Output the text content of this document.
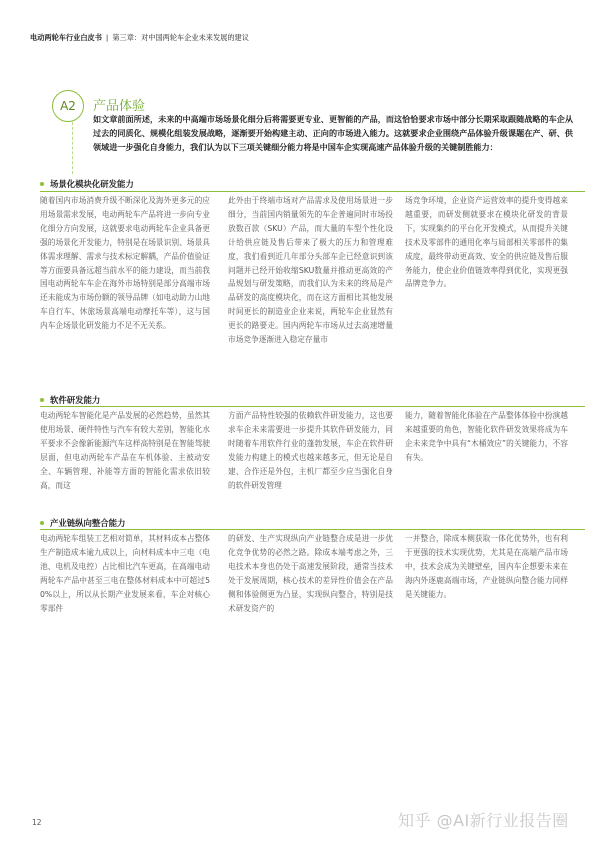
电动两轮车行业白皮书 | 第三章：对中国两轮车企业未来发展的建议
A2	产品体验
如文章前面所述，未来的中高端市场场景化细分后将需要更专业、更智能的产品，而这恰恰要求市场中部分长期采取跟随战略的车企从过去的同质化、规模化组装发展战略，逐渐要开始构建主动、正向的市场进入能力。这就要求企业围绕产品体验升级课题在产、研、供领域进一步强化自身能力，我们认为以下三项关键细分能力将是中国车企实现高速产品体验升级的关键制胜能力：
场景化模块化研发能力
随着国内市场消费升级不断深化及海外更多元的应用场景需求发展，电动两轮车产品将进一步向专业化细分方向发展，这就要求电动两轮车企业具备更强的场景化开发能力，特别是在场景识别、场景具体需求理解、需求与技术标定解耦，产品价值验证等方面要具备远超当前水平的能力建设，而当前我国电动两轮车车企在海外市场特别是部分高端市场还未能成为市场份额的领导品牌（如电动助力山地车自行车、休旅场景高端电动摩托车等），这与国内车企场景化研发能力不足不无关系。
此外由于终端市场对产品需求及使用场景进一步细分，当前国内销量领先的车企普遍同时市场投放数百款（SKU）产品，而大量的车型个性化设计给供应链及售后带来了极大的压力和管理难度，我们看到近几年部分头部车企已经意识到该问题并已经开始收缩SKU数量并推动更高效的产品规划与研发策略，而我们认为未来的终局是产品研发的高度模块化，而在这方面相比其他发展时间更长的制造业企业来说，两轮车企业显然有更长的路要走。国内两轮车市场从过去高速增量市场竞争逐渐进入稳定存量市
场竞争环境，企业资产运营效率的提升变得越来越重要，而研发侧就要求在模块化研发的背景下，实现集约的平台化开发模式，从而提升关键技术及零部件的通用化率与局部相关零部件的集成度，最终带动更高效、安全的供应链及售后服务能力，使企业价值链效率得到优化，实现更强品牌竞争力。
软件研发能力
电动两轮车智能化是产品发展的必然趋势，虽然其使用场景、硬件特性与汽车有较大差别，智能化水平要求不会像新能源汽车这样高特别是在智能驾驶层面，但电动两轮车产品在车机体验、主被动安全、车辆管理、补能等方面的智能化需求依旧较高，而这
方面产品特性较强的依赖软件研发能力，这也要求车企未来需要进一步提升其软件研发能力，同时随着车用软件行业的蓬勃发展，车企在软件研发能力构建上的模式也越来越多元，但无论是自建、合作还是外包，主机厂都至少应当强化自身的软件研发管理
能力，随着智能化体验在产品整体体验中扮演越来越重要的角色，智能化软件研发效果将成为车企未来竞争中具有“木桶效应”的关键能力，不容有失。
产业链纵向整合能力
电动两轮车组装工艺相对简单，其材料成本占整体生产制造成本逾九成以上，向材料成本中三电（电池、电机及电控）占比相比汽车更高，在高端电动两轮车产品中甚至三电在整体材料成本中可超过50%以上，所以从长期产业发展来看，车企对核心零部件
的研发、生产实现纵向产业链整合成是进一步优化竞争优势的必然之路。除成本端考虑之外，三电技术本身也仍处于高速发展阶段，通常当技术处于发展周期，核心技术的差异性价值会在产品侧和体验侧更为凸显，实现纵向整合，特别是技术研发资产的
一并整合，除成本侧获取一体化优势外，也有利于更强的技术实现优势，尤其是在高端产品市场中，技术会成为关键壁垒，国内车企想要未来在海内外逐鹿高端市场，产业链纵向整合能力同样是关键能力。
12	知乎 @AI新行业报告圈
